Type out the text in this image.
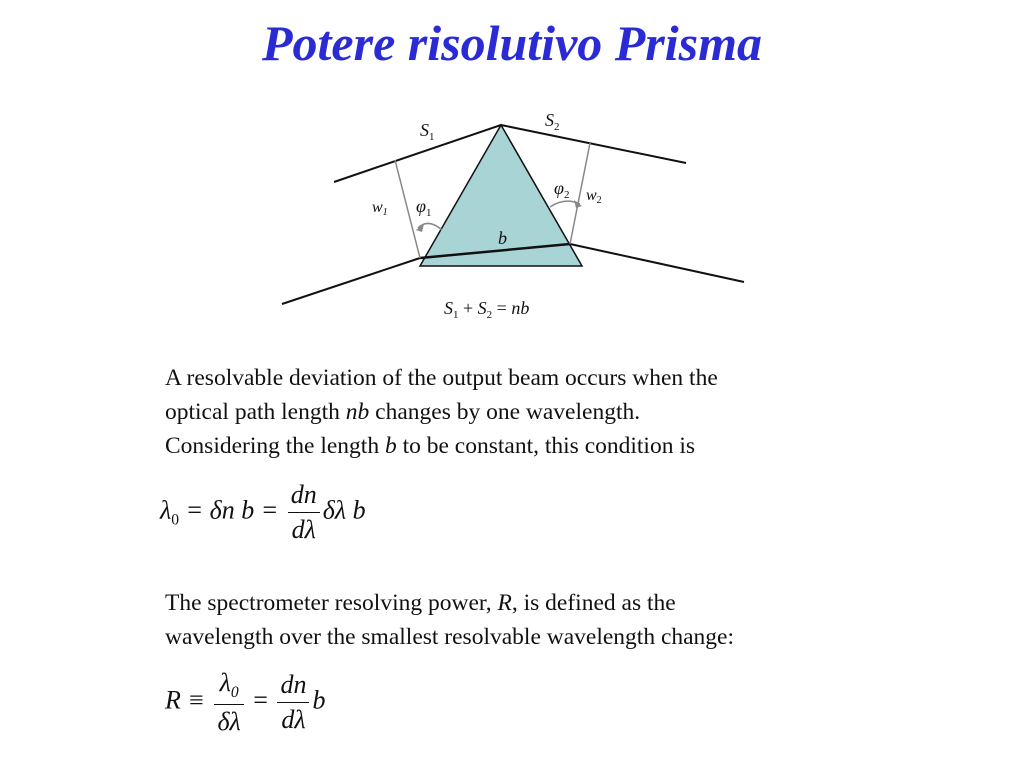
Potere risolutivo Prisma
$S_1$
$S_2$
w1
w2
$\varphi_1$
$\varphi_2$
b
$S_1 + S_2$ = nb
A resolvable deviation of the output beam occurs when the
optical path length nb changes by one wavelength.
Considering the length b to be constant, this condition is
$\lambda_0 = \delta n$ $b = \frac{dn}{d\lambda}$ δλ b
The spectrometer resolving power, R, is defined as the
wavelength over the smallest resolvable wavelength change:
$R \equiv \frac{\lambda_0}{\delta\lambda} = \frac{dn}{d\lambda}$ b
